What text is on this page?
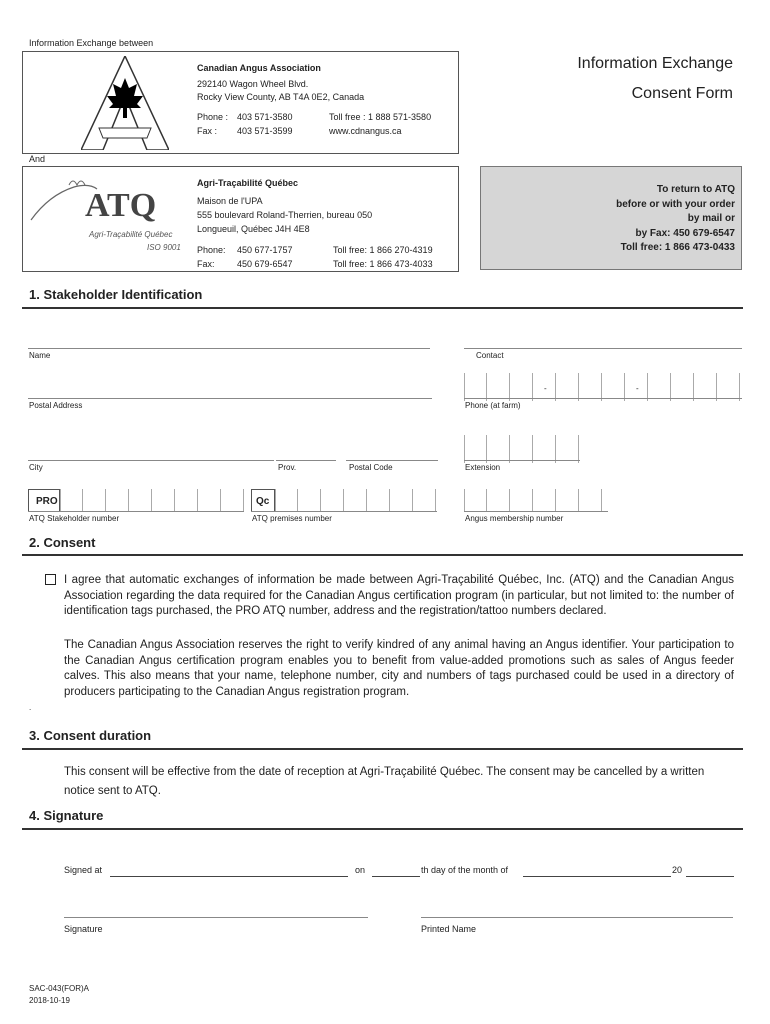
Information Exchange between
Canadian Angus Association
292140 Wagon Wheel Blvd.
Rocky View County, AB T4A 0E2, Canada
Phone : 403 571-3580	Toll free : 1 888 571-3580
Fax : 403 571-3599	www.cdnangus.ca
Information Exchange
Consent Form
And
ATQ
Agri-Traçabilité Québec
ISO 9001
Agri-Traçabilité Québec
Maison de l'UPA
555 boulevard Roland-Therrien, bureau 050
Longueuil, Québec J4H 4E8
Phone: 450 677-1757	Toll free: 1 866 270-4319
Fax: 450 679-6547	Toll free: 1 866 473-4033
To return to ATQ
before or with your order
by mail or
by Fax: 450 679-6547
Toll free: 1 866 473-0433
1. Stakeholder Identification
Name	Contact
Postal Address
-	-
Phone (at farm)
City	Prov.	Postal Code	Extension
PRO
ATQ Stakeholder number
Qc
ATQ premises number	Angus membership number
2. Consent
I agree that automatic exchanges of information be made between Agri-Traçabilité Québec, Inc. (ATQ) and the Canadian Angus Association regarding the data required for the Canadian Angus certification program (in particular, but not limited to: the number of identification tags purchased, the PRO ATQ number, address and the registration/tattoo numbers declared.
The Canadian Angus Association reserves the right to verify kindred of any animal having an Angus identifier. Your participation to the Canadian Angus certification program enables you to benefit from value-added promotions such as sales of Angus feeder calves. This also means that your name, telephone number, city and numbers of tags purchased could be used in a directory of producers participating to the Canadian Angus registration program.
.
3. Consent duration
This consent will be effective from the date of reception at Agri-Traçabilité Québec. The consent may be cancelled by a written notice sent to ATQ.
4. Signature
Signed at	on	th day of the month of	20
Signature	Printed Name
SAC-043(FOR)A
2018-10-19
